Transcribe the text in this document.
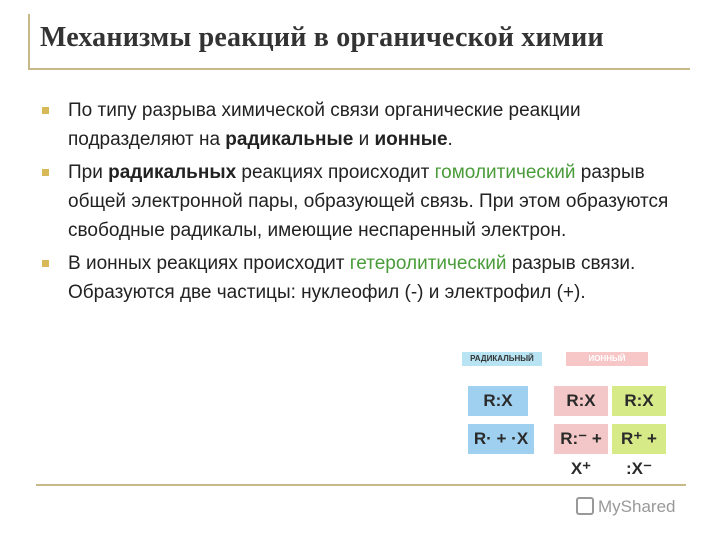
Механизмы реакций в органической химии
По типу разрыва химической связи органические реакции подразделяют на радикальные и ионные.
При радикальных реакциях происходит гомолитический разрыв общей электронной пары, образующей связь. При этом образуются свободные радикалы, имеющие неспаренный электрон.
В ионных реакциях происходит гетеролитический разрыв связи. Образуются две частицы: нуклеофил (-) и электрофил (+).
РАДИКАЛЬНЫЙ	ИОННЫЙ
R:X
R· + ·X
R:X	R:X
R:⁻ + X⁺
R⁺ + :X⁻
MyShared
